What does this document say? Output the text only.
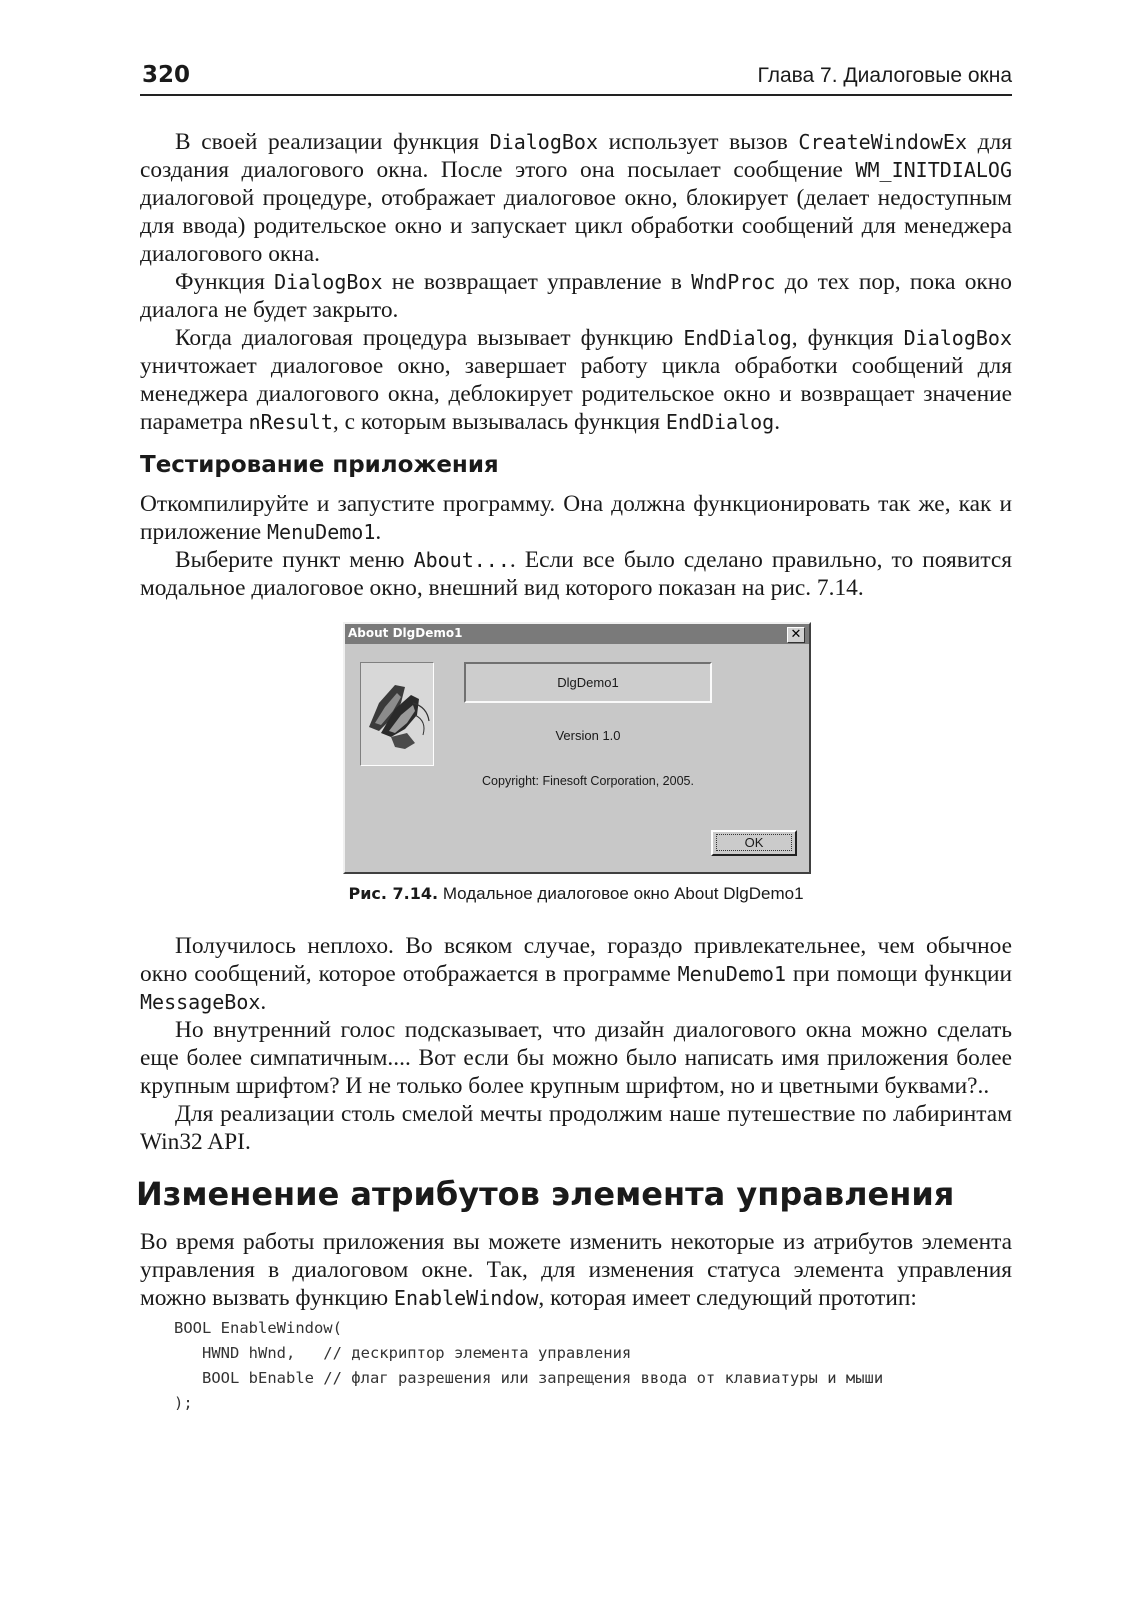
320	Глава 7. Диалоговые окна

В своей реализации функция DialogBox использует вызов CreateWindowEx для создания диалогового окна. После этого она посылает сообщение WM_INITDIALOG диалоговой процедуре, отображает диалоговое окно, блокирует (делает недоступным для ввода) родительское окно и запускает цикл обработки сообщений для менеджера диалогового окна.

Функция DialogBox не возвращает управление в WndProc до тех пор, пока окно диалога не будет закрыто.

Когда диалоговая процедура вызывает функцию EndDialog, функция DialogBox уничтожает диалоговое окно, завершает работу цикла обработки сообщений для менеджера диалогового окна, деблокирует родительское окно и возвращает значение параметра nResult, с которым вызывалась функция EndDialog.

Тестирование приложения

Откомпилируйте и запустите программу. Она должна функционировать так же, как и приложение MenuDemo1.

Выберите пункт меню About.... Если все было сделано правильно, то появится модальное диалоговое окно, внешний вид которого показан на рис. 7.14.

About DlgDemo1	✕
DlgDemo1
Version 1.0
Copyright: Finesoft Corporation, 2005.
OK
Рис. 7.14. Модальное диалоговое окно About DlgDemo1

Получилось неплохо. Во всяком случае, гораздо привлекательнее, чем обычное окно сообщений, которое отображается в программе MenuDemo1 при помощи функции MessageBox.

Но внутренний голос подсказывает, что дизайн диалогового окна можно сделать еще более симпатичным.... Вот если бы можно было написать имя приложения более крупным шрифтом? И не только более крупным шрифтом, но и цветными буквами?..

Для реализации столь смелой мечты продолжим наше путешествие по лабиринтам Win32 API.

Изменение атрибутов элемента управления

Во время работы приложения вы можете изменить некоторые из атрибутов элемента управления в диалоговом окне. Так, для изменения статуса элемента управления можно вызвать функцию EnableWindow, которая имеет следующий прототип:

BOOL EnableWindow(
HWND hWnd,   // дескриптор элемента управления
BOOL bEnable // флаг разрешения или запрещения ввода от клавиатуры и мыши
);
